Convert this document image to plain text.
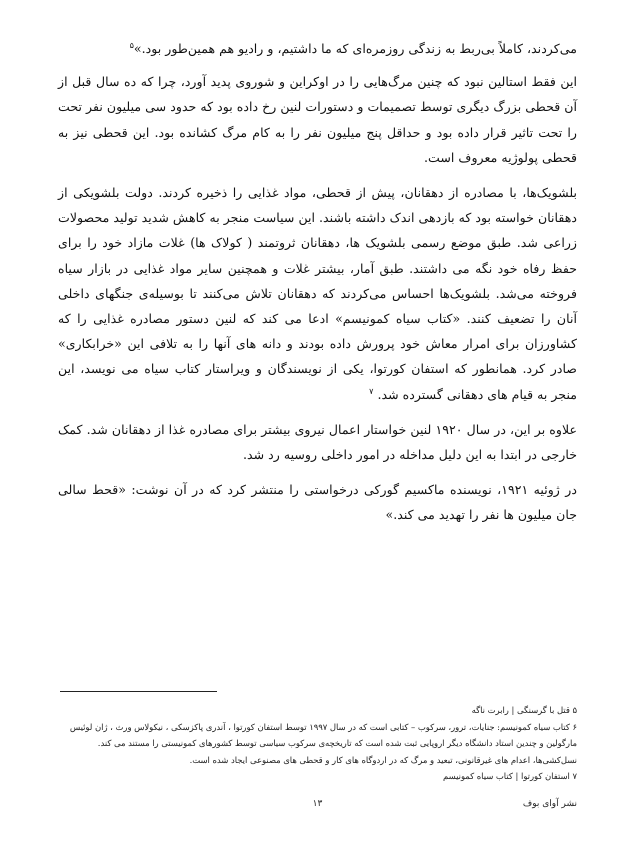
می‌کردند، کاملاً بی‌ربط به زندگی روزمره‌ای که ما داشتیم، و رادیو هم همین‌طور بود.»$^۵$

این فقط استالین نبود که چنین مرگ‌هایی را در اوکراین و شوروی پدید آورد، چرا که ده سال قبل از آن قحطی بزرگ دیگری توسط تصمیمات و دستورات لنین رخ داده بود که حدود سی میلیون نفر تحت را تحت تاثیر قرار داده بود و حداقل پنج میلیون نفر را به کام مرگ کشانده بود. این قحطی نیز به قحطی پولوژیه معروف است.

بلشویک‌ها، با مصادره از دهقانان، پیش از قحطی، مواد غذایی را ذخیره کردند. دولت بلشویکی از دهقانان خواسته بود که بازدهی اندک داشته باشند. این سیاست منجر به کاهش شدید تولید محصولات زراعی شد. طبق موضع رسمی بلشویک ها، دهقانان ثروتمند ( کولاک ها) غلات مازاد خود را برای حفظ رفاه خود نگه می داشتند. طبق آمار، بیشتر غلات و همچنین سایر مواد غذایی در بازار سیاه فروخته می‌شد. بلشویک‌ها احساس می‌کردند که دهقانان تلاش می‌کنند تا بوسیله‌ی جنگهای داخلی آنان را تضعیف کنند. «کتاب سیاه کمونیسم» ادعا می کند که لنین دستور مصادره غذایی را که کشاورزان برای امرار معاش خود پرورش داده بودند و دانه های آنها را به تلافی این «خرابکاری» صادر کرد. همانطور که استفان کورتوا، یکی از نویسندگان و ویراستار کتاب سیاه می نویسد، این منجر به قیام های دهقانی گسترده شد. $^۷$

علاوه بر این، در سال ۱۹۲۰ لنین خواستار اعمال نیروی بیشتر برای مصادره غذا از دهقانان شد. کمک خارجی در ابتدا به این دلیل مداخله در امور داخلی روسیه رد شد.

در ژوئیه ۱۹۲۱، نویسنده ماکسیم گورکی درخواستی را منتشر کرد که در آن نوشت: «قحط سالی جان میلیون ها نفر را تهدید می کند.»

۵ قتل با گرسنگی | رابرت ناگه
۶ کتاب سیاه کمونیسم: جنایات، ترور، سرکوب – کتابی است که در سال ۱۹۹۷ توسط استفان کورتوا ، آندری پاکزسکی ، نیکولاس ورث ، ژان لوئیس مارگولین و چندین استاد دانشگاه دیگر اروپایی ثبت شده است که تاریخچه‌ی سرکوب سیاسی توسط کشورهای کمونیستی را مستند می کند. نسل‌کشی‌ها، اعدام های غیرقانونی، تبعید و مرگ که در اردوگاه های کار و قحطی های مصنوعی ایجاد شده است.
۷ استفان کورتوا | کتاب سیاه کمونیسم
نشر آوای بوف
۱۳
